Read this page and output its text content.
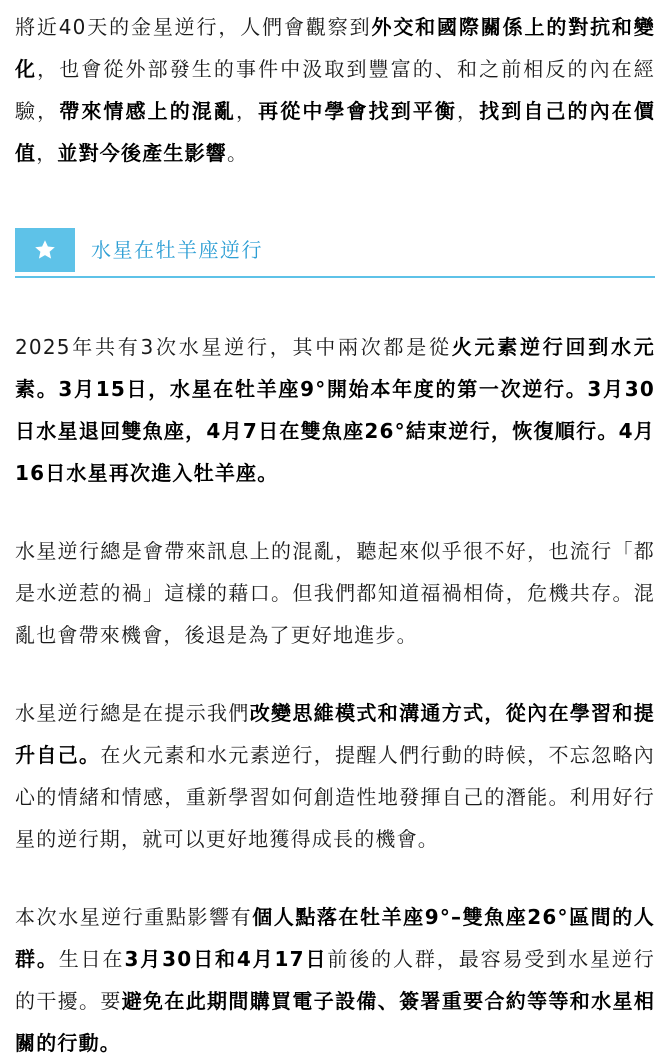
將近40天的金星逆行，人們會觀察到外交和國際關係上的對抗和變化，也會從外部發生的事件中汲取到豐富的、和之前相反的內在經驗，帶來情感上的混亂，再從中學會找到平衡，找到自己的內在價值，並對今後產生影響。

水星在牡羊座逆行

2025年共有3次水星逆行，其中兩次都是從火元素逆行回到水元素。3月15日，水星在牡羊座9°開始本年度的第一次逆行。3月30日水星退回雙魚座，4月7日在雙魚座26°結束逆行，恢復順行。4月16日水星再次進入牡羊座。

水星逆行總是會帶來訊息上的混亂，聽起來似乎很不好，也流行「都是水逆惹的禍」這樣的藉口。但我們都知道福禍相倚，危機共存。混亂也會帶來機會，後退是為了更好地進步。

水星逆行總是在提示我們改變思維模式和溝通方式，從內在學習和提升自己。在火元素和水元素逆行，提醒人們行動的時候，不忘忽略內心的情緒和情感，重新學習如何創造性地發揮自己的潛能。利用好行星的逆行期，就可以更好地獲得成長的機會。

本次水星逆行重點影響有個人點落在牡羊座9°–雙魚座26°區間的人群。生日在3月30日和4月17日前後的人群，最容易受到水星逆行的干擾。要避免在此期間購買電子設備、簽署重要合約等等和水星相關的行動。
